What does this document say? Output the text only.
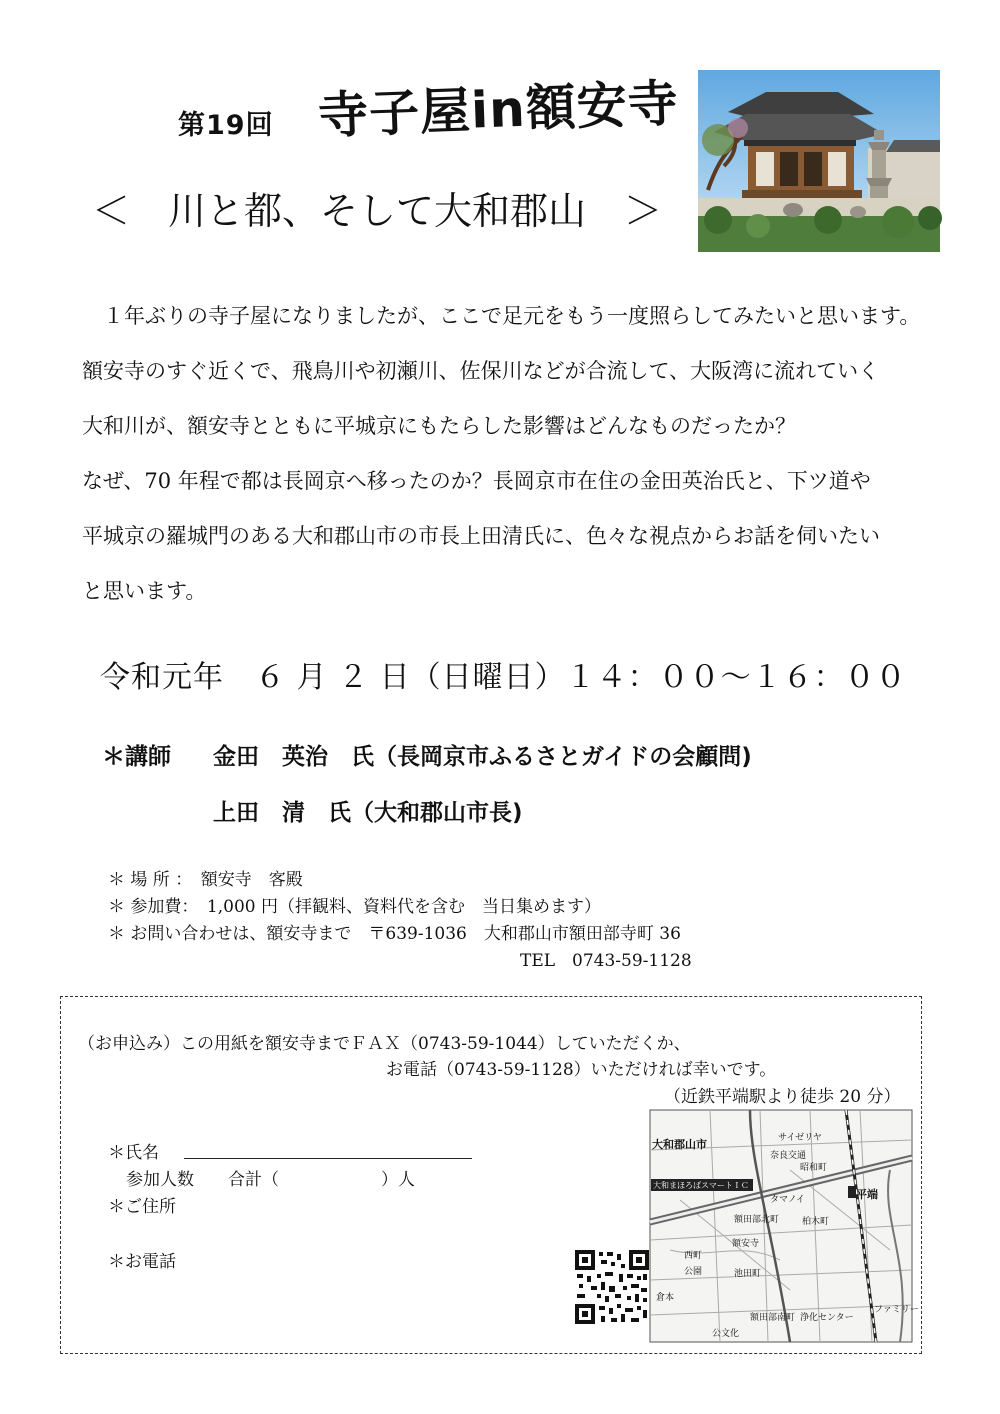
第19回 寺子屋in額安寺
＜　川と都、そして大和郡山　＞
　１年ぶりの寺子屋になりましたが、ここで足元をもう一度照らしてみたいと思います。
額安寺のすぐ近くで、飛鳥川や初瀬川、佐保川などが合流して、大阪湾に流れていく
大和川が、額安寺とともに平城京にもたらした影響はどんなものだったか？
なぜ、70 年程で都は長岡京へ移ったのか？長岡京市在住の金田英治氏と、下ツ道や
平城京の羅城門のある大和郡山市の市長上田清氏に、色々な視点からお話を伺いたい
と思います。
令和元年　６ 月 ２ 日（日曜日）１４：００～１６：００
＊講師 金田　英治　氏（長岡京市ふるさとガイドの会顧問)
上田　清　氏（大和郡山市長)
＊ 場 所 ：　額安寺　客殿
＊ 参加費：　1,000 円（拝観料、資料代を含む　当日集めます）
＊ お問い合わせは、額安寺まで　〒639-1036　大和郡山市額田部寺町 36
TEL　0743-59-1128
（お申込み）この用紙を額安寺までＦＡＸ（0743-59-1044）していただくか、
お電話（0743-59-1128）いただければ幸いです。
（近鉄平端駅より徒歩 20 分）
＊氏名
参加人数　　合計（　　　　　　）人
＊ご住所
＊お電話
大和郡山市
平端
大和まほろばスマートＩＣ
額安寺
ファミリー
サイゼリヤ
奈良交通
タマノイ
昭和町
柏木町
額田部北町
額田部南町 浄化センター
西町
公園	池田町
倉本
公文化
